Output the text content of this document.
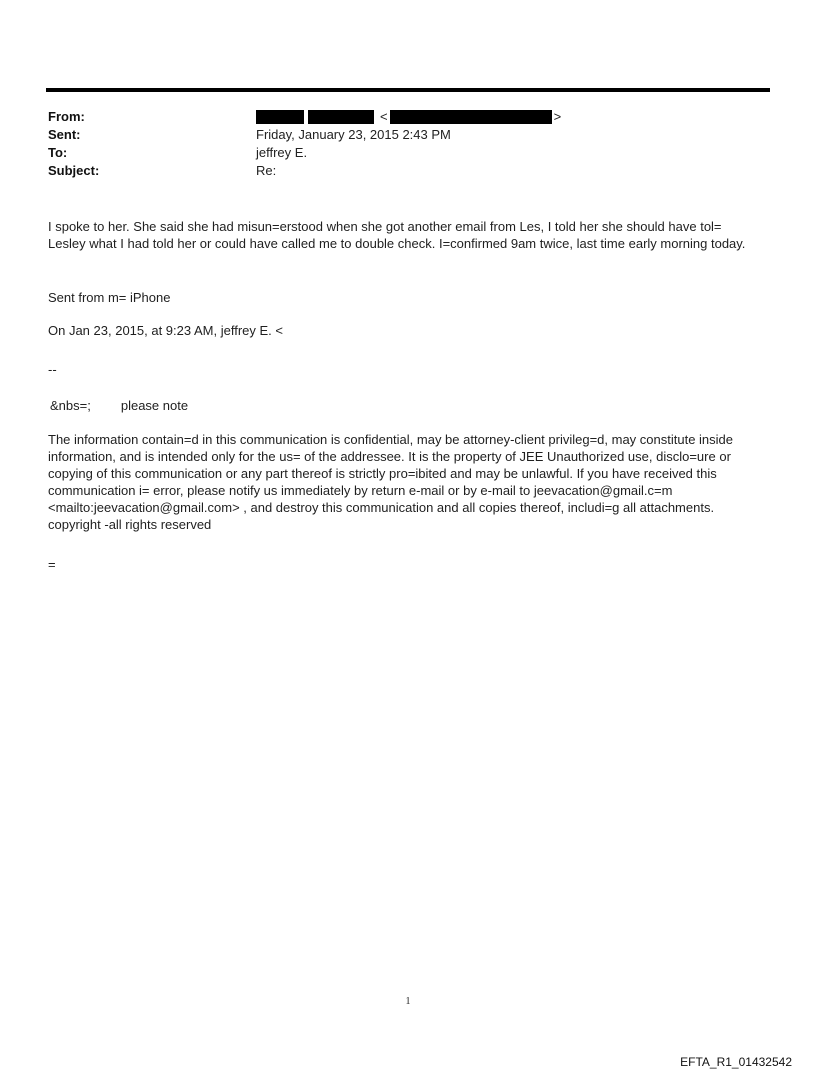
From:	<	>
Sent:	Friday, January 23, 2015 2:43 PM
To:	jeffrey E.
Subject:	Re:
I spoke to her. She said she had misun=erstood when she got another email from Les, I told her she should have tol= Lesley what I had told her or could have called me to double check. I=confirmed 9am twice, last time early morning today.
Sent from m= iPhone
On Jan 23, 2015, at 9:23 AM, jeffrey E. <
--
&nbs=; please note
The information contain=d in this communication is confidential, may be attorney-client privileg=d, may constitute inside information, and is intended only for the us= of the addressee. It is the property of JEE Unauthorized use, disclo=ure or copying of this communication or any part thereof is strictly pro=ibited and may be unlawful. If you have received this communication i= error, please notify us immediately by return e-mail or by e-mail to jeevacation@gmail.c=m <mailto:jeevacation@gmail.com> , and destroy this communication and all copies thereof, includi=g all attachments. copyright -all rights reserved
=
1
EFTA_R1_01432542
